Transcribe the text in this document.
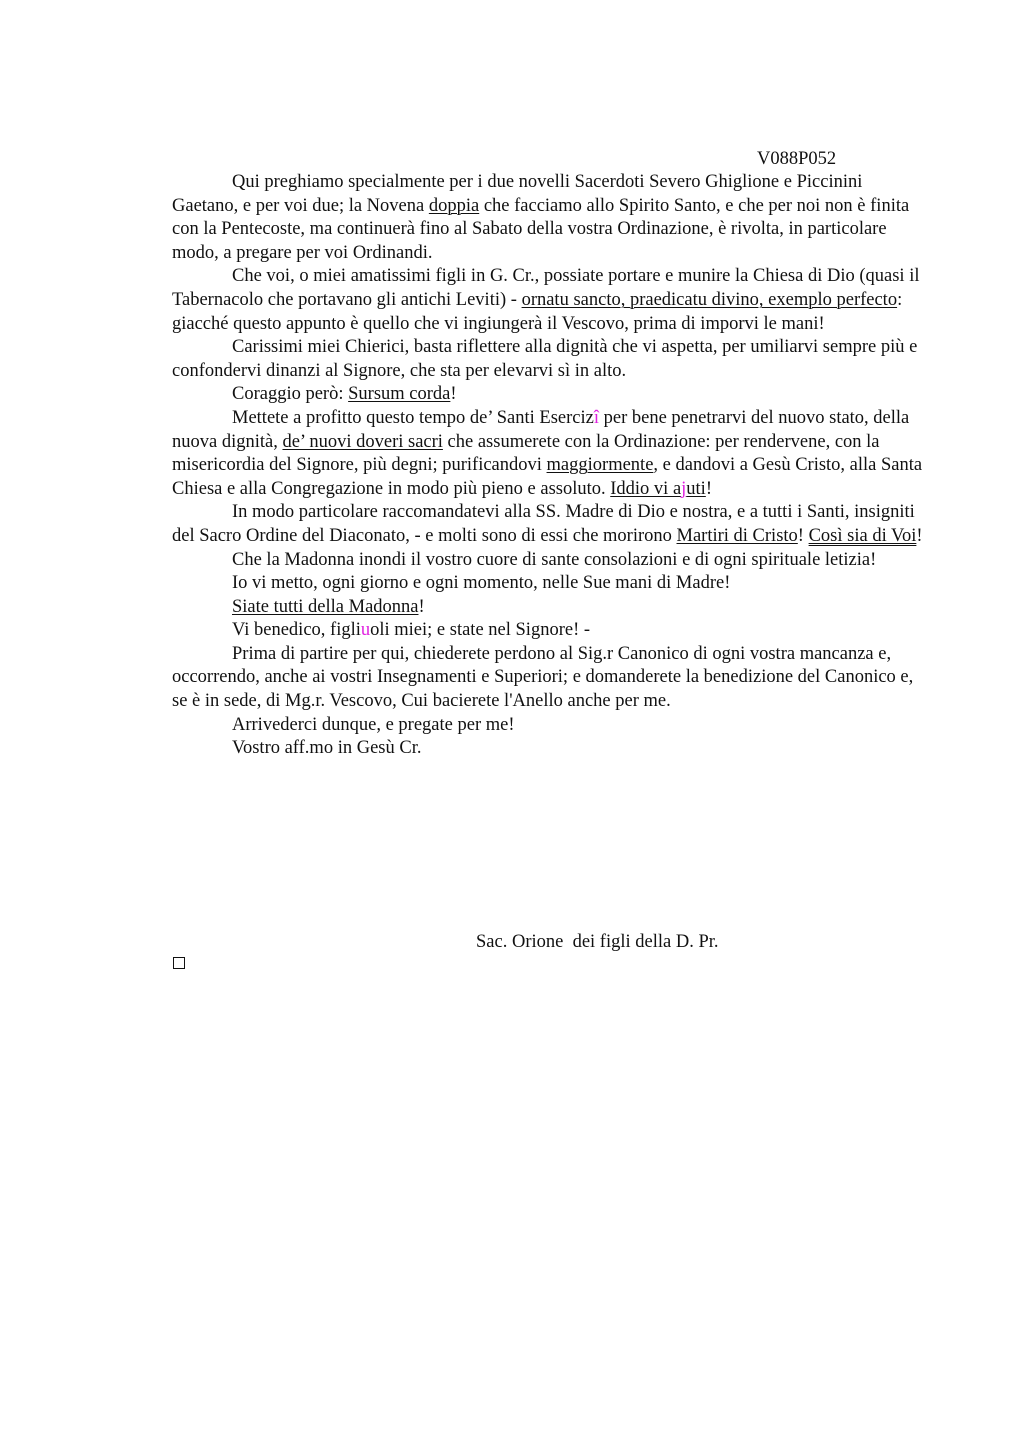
V088P052

Qui preghiamo specialmente per i due novelli Sacerdoti Severo Ghiglione e Piccinini Gaetano, e per voi due; la Novena doppia che facciamo allo Spirito Santo, e che per noi non è finita con la Pentecoste, ma continuerà fino al Sabato della vostra Ordinazione, è rivolta, in particolare modo, a pregare per voi Ordinandi.

Che voi, o miei amatissimi figli in G. Cr., possiate portare e munire la Chiesa di Dio (quasi il Tabernacolo che portavano gli antichi Leviti) - ornatu sancto, praedicatu divino, exemplo perfecto: giacché questo appunto è quello che vi ingiungerà il Vescovo, prima di imporvi le mani!

Carissimi miei Chierici, basta riflettere alla dignità che vi aspetta, per umiliarvi sempre più e confondervi dinanzi al Signore, che sta per elevarvi sì in alto.

Coraggio però: Sursum corda!

Mettete a profitto questo tempo de’ Santi Esercizî per bene penetrarvi del nuovo stato, della nuova dignità, de’ nuovi doveri sacri che assumerete con la Ordinazione: per rendervene, con la misericordia del Signore, più degni; purificandovi maggiormente, e dandovi a Gesù Cristo, alla Santa Chiesa e alla Congregazione in modo più pieno e assoluto. Iddio vi ajuti!

In modo particolare raccomandatevi alla SS. Madre di Dio e nostra, e a tutti i Santi, insigniti del Sacro Ordine del Diaconato, - e molti sono di essi che morirono Martiri di Cristo! Così sia di Voi!

Che la Madonna inondi il vostro cuore di sante consolazioni e di ogni spirituale letizia!

Io vi metto, ogni giorno e ogni momento, nelle Sue mani di Madre!

Siate tutti della Madonna!

Vi benedico, figliuoli miei; e state nel Signore! -

Prima di partire per qui, chiederete perdono al Sig.r Canonico di ogni vostra mancanza e, occorrendo, anche ai vostri Insegnamenti e Superiori; e domanderete la benedizione del Canonico e, se è in sede, di Mg.r. Vescovo, Cui bacierete l'Anello anche per me.

Arrivederci dunque, e pregate per me!

Vostro aff.mo in Gesù Cr.

Sac. Orione  dei figli della D. Pr.
